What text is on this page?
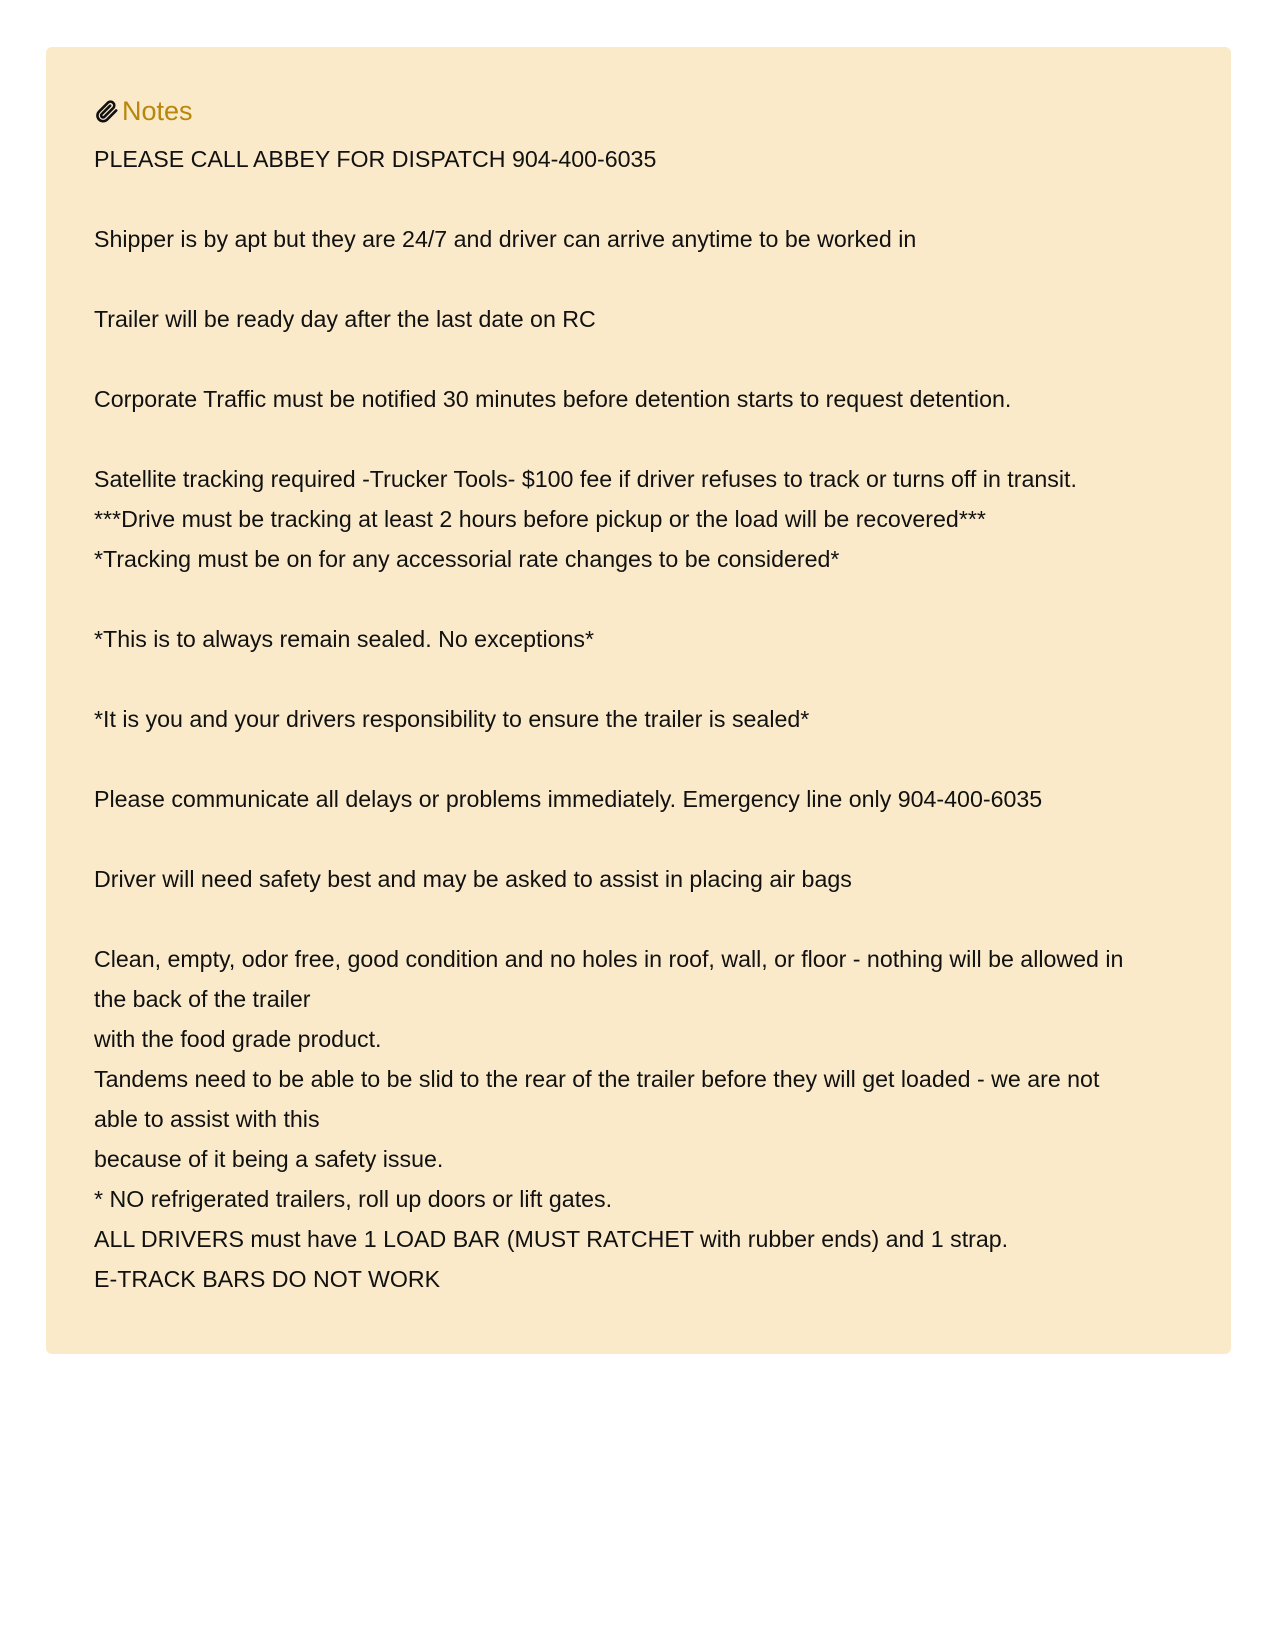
Notes
PLEASE CALL ABBEY FOR DISPATCH 904-400-6035
Shipper is by apt but they are 24/7 and driver can arrive anytime to be worked in
Trailer will be ready day after the last date on RC
Corporate Traffic must be notified 30 minutes before detention starts to request detention.
Satellite tracking required -Trucker Tools- $100 fee if driver refuses to track or turns off in transit.
***Drive must be tracking at least 2 hours before pickup or the load will be recovered***
*Tracking must be on for any accessorial rate changes to be considered*
*This is to always remain sealed. No exceptions*
*It is you and your drivers responsibility to ensure the trailer is sealed*
Please communicate all delays or problems immediately. Emergency line only 904-400-6035
Driver will need safety best and may be asked to assist in placing air bags
Clean, empty, odor free, good condition and no holes in roof, wall, or floor - nothing will be allowed in
the back of the trailer
with the food grade product.
Tandems need to be able to be slid to the rear of the trailer before they will get loaded - we are not
able to assist with this
because of it being a safety issue.
* NO refrigerated trailers, roll up doors or lift gates.
ALL DRIVERS must have 1 LOAD BAR (MUST RATCHET with rubber ends) and 1 strap.
E-TRACK BARS DO NOT WORK
